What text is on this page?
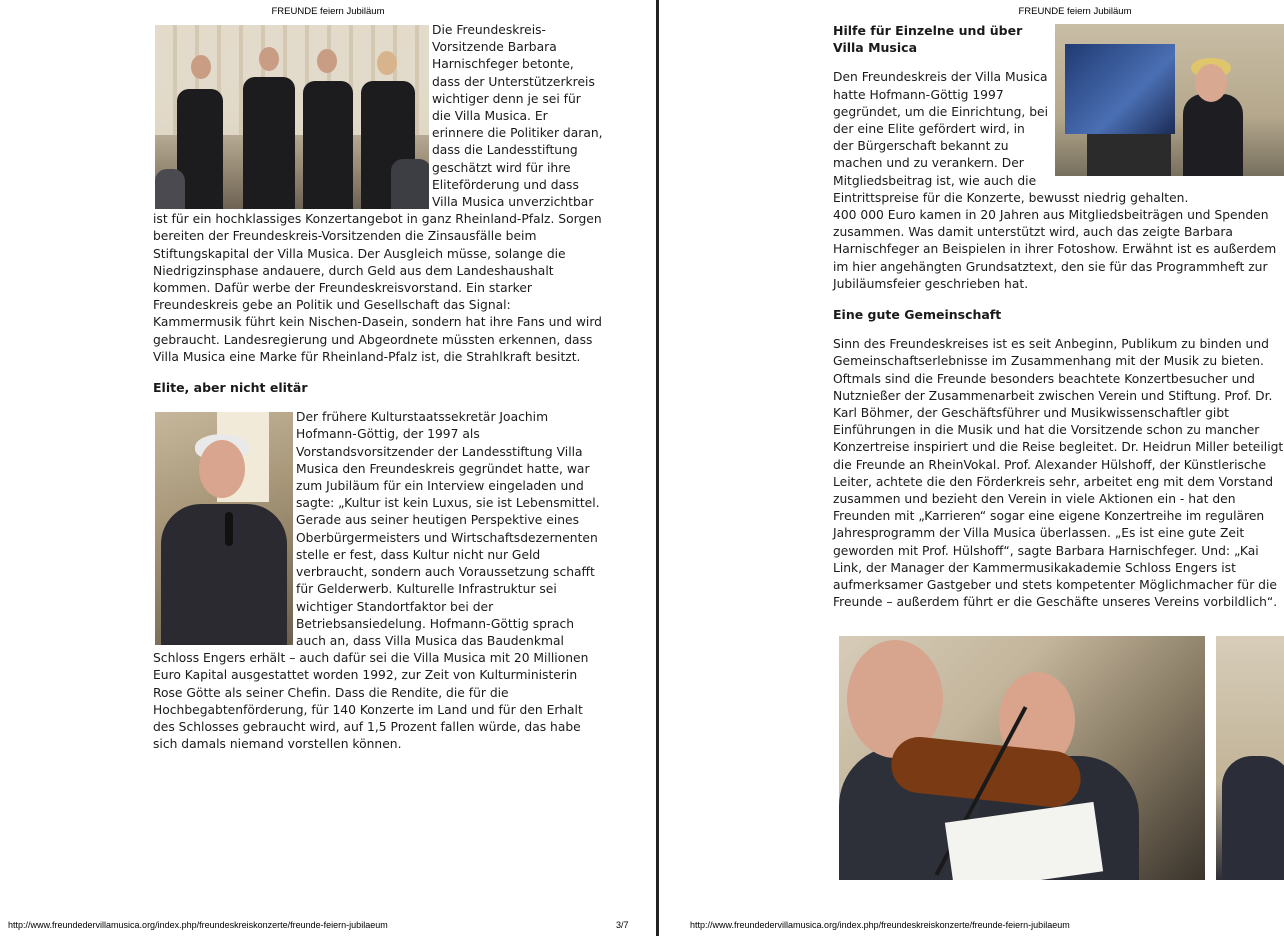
FREUNDE feiern Jubiläum

Die Freundeskreis-Vorsitzende Barbara Harnischfeger betonte, dass der Unterstützerkreis wichtiger denn je sei für die Villa Musica. Er erinnere die Politiker daran, dass die Landesstiftung geschätzt wird für ihre Eliteförderung und dass Villa Musica unverzichtbar ist für ein hochklassiges Konzertangebot in ganz Rheinland-Pfalz. Sorgen bereiten der Freundeskreis-Vorsitzenden die Zinsausfälle beim Stiftungskapital der Villa Musica. Der Ausgleich müsse, solange die Niedrigzinsphase andauere, durch Geld aus dem Landeshaushalt kommen. Dafür werbe der Freundeskreisvorstand. Ein starker Freundeskreis gebe an Politik und Gesellschaft das Signal: Kammermusik führt kein Nischen-Dasein, sondern hat ihre Fans und wird gebraucht. Landesregierung und Abgeordnete müssten erkennen, dass Villa Musica eine Marke für Rheinland-Pfalz ist, die Strahlkraft besitzt.

Elite, aber nicht elitär

Der frühere Kulturstaatssekretär Joachim Hofmann-Göttig, der 1997 als Vorstandsvorsitzender der Landesstiftung Villa Musica den Freundeskreis gegründet hatte, war zum Jubiläum für ein Interview eingeladen und sagte: „Kultur ist kein Luxus, sie ist Lebensmittel. Gerade aus seiner heutigen Perspektive eines Oberbürgermeisters und Wirtschaftsdezernenten stelle er fest, dass Kultur nicht nur Geld verbraucht, sondern auch Voraussetzung schafft für Gelderwerb. Kulturelle Infrastruktur sei wichtiger Standortfaktor bei der Betriebsansiedelung. Hofmann-Göttig sprach auch an, dass Villa Musica das Baudenkmal Schloss Engers erhält – auch dafür sei die Villa Musica mit 20 Millionen Euro Kapital ausgestattet worden 1992, zur Zeit von Kulturministerin Rose Götte als seiner Chefin. Dass die Rendite, die für die Hochbegabtenförderung, für 140 Konzerte im Land und für den Erhalt des Schlosses gebraucht wird, auf 1,5 Prozent fallen würde, das habe sich damals niemand vorstellen können.

http://www.freundedervillamusica.org/index.php/freundeskreiskonzerte/freunde-feiern-jubilaeum	3/7
FREUNDE feiern Jubiläum
Hilfe für Einzelne und über Villa Musica

Den Freundeskreis der Villa Musica hatte Hofmann-Göttig 1997 gegründet, um die Einrichtung, bei der eine Elite gefördert wird, in der Bürgerschaft bekannt zu machen und zu verankern. Der Mitgliedsbeitrag ist, wie auch die Eintrittspreise für die Konzerte, bewusst niedrig gehalten.

400 000 Euro kamen in 20 Jahren aus Mitgliedsbeiträgen und Spenden zusammen. Was damit unterstützt wird, auch das zeigte Barbara Harnischfeger an Beispielen in ihrer Fotoshow. Erwähnt ist es außerdem im hier angehängten Grundsatztext, den sie für das Programmheft zur Jubiläumsfeier geschrieben hat.

Eine gute Gemeinschaft

Sinn des Freundeskreises ist es seit Anbeginn, Publikum zu binden und Gemeinschaftserlebnisse im Zusammenhang mit der Musik zu bieten. Oftmals sind die Freunde besonders beachtete Konzertbesucher und Nutznießer der Zusammenarbeit zwischen Verein und Stiftung. Prof. Dr. Karl Böhmer, der Geschäftsführer und Musikwissenschaftler gibt Einführungen in die Musik und hat die Vorsitzende schon zu mancher Konzertreise inspiriert und die Reise begleitet. Dr. Heidrun Miller beteiligt die Freunde an RheinVokal. Prof. Alexander Hülshoff, der Künstlerische Leiter, achtete die den Förderkreis sehr, arbeitet eng mit dem Vorstand zusammen und bezieht den Verein in viele Aktionen ein - hat den Freunden mit „Karrieren“ sogar eine eigene Konzertreihe im regulären Jahresprogramm der Villa Musica überlassen. „Es ist eine gute Zeit geworden mit Prof. Hülshoff“, sagte Barbara Harnischfeger. Und: „Kai Link, der Manager der Kammermusikakademie Schloss Engers ist aufmerksamer Gastgeber und stets kompetenter Möglichmacher für die Freunde – außerdem führt er die Geschäfte unseres Vereins vorbildlich“.

http://www.freundedervillamusica.org/index.php/freundeskreiskonzerte/freunde-feiern-jubilaeum
